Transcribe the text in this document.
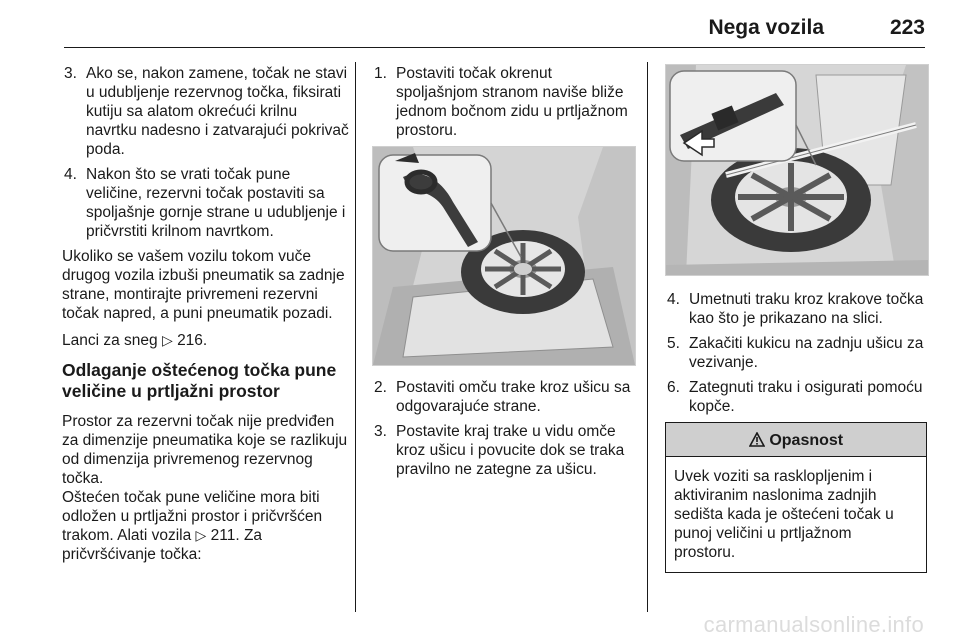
Nega vozila	223
3. Ako se, nakon zamene, točak ne stavi u udubljenje rezervnog točka, fiksirati kutiju sa alatom okrećući krilnu navrtku nadesno i zatvarajući pokrivač poda.
4. Nakon što se vrati točak pune veličine, rezervni točak postaviti sa spoljašnje gornje strane u udubljenje i pričvrstiti krilnom navrtkom.

Ukoliko se vašem vozilu tokom vuče drugog vozila izbuši pneumatik sa zadnje strane, montirajte privremeni rezervni točak napred, a puni pneumatik pozadi.

Lanci za sneg ▷ 216.

Odlaganje oštećenog točka pune veličine u prtljažni prostor

Prostor za rezervni točak nije predviđen za dimenzije pneumatika koje se razlikuju od dimenzija privremenog rezervnog točka.

Oštećen točak pune veličine mora biti odložen u prtljažni prostor i pričvršćen trakom. Alati vozila ▷ 211. Za pričvršćivanje točka:

1. Postaviti točak okrenut spoljašnjom stranom naviše bliže jednom bočnom zidu u prtljažnom prostoru.
2. Postaviti omču trake kroz ušicu sa odgovarajuće strane.
3. Postavite kraj trake u vidu omče kroz ušicu i povucite dok se traka pravilno ne zategne za ušicu.
4. Umetnuti traku kroz krakove točka kao što je prikazano na slici.
5. Zakačiti kukicu na zadnju ušicu za vezivanje.
6. Zategnuti traku i osigurati pomoću kopče.
Opasnost
Uvek voziti sa rasklopljenim i aktiviranim naslonima zadnjih sedišta kada je oštećeni točak u punoj veličini u prtljažnom prostoru.
carmanualsonline.info
